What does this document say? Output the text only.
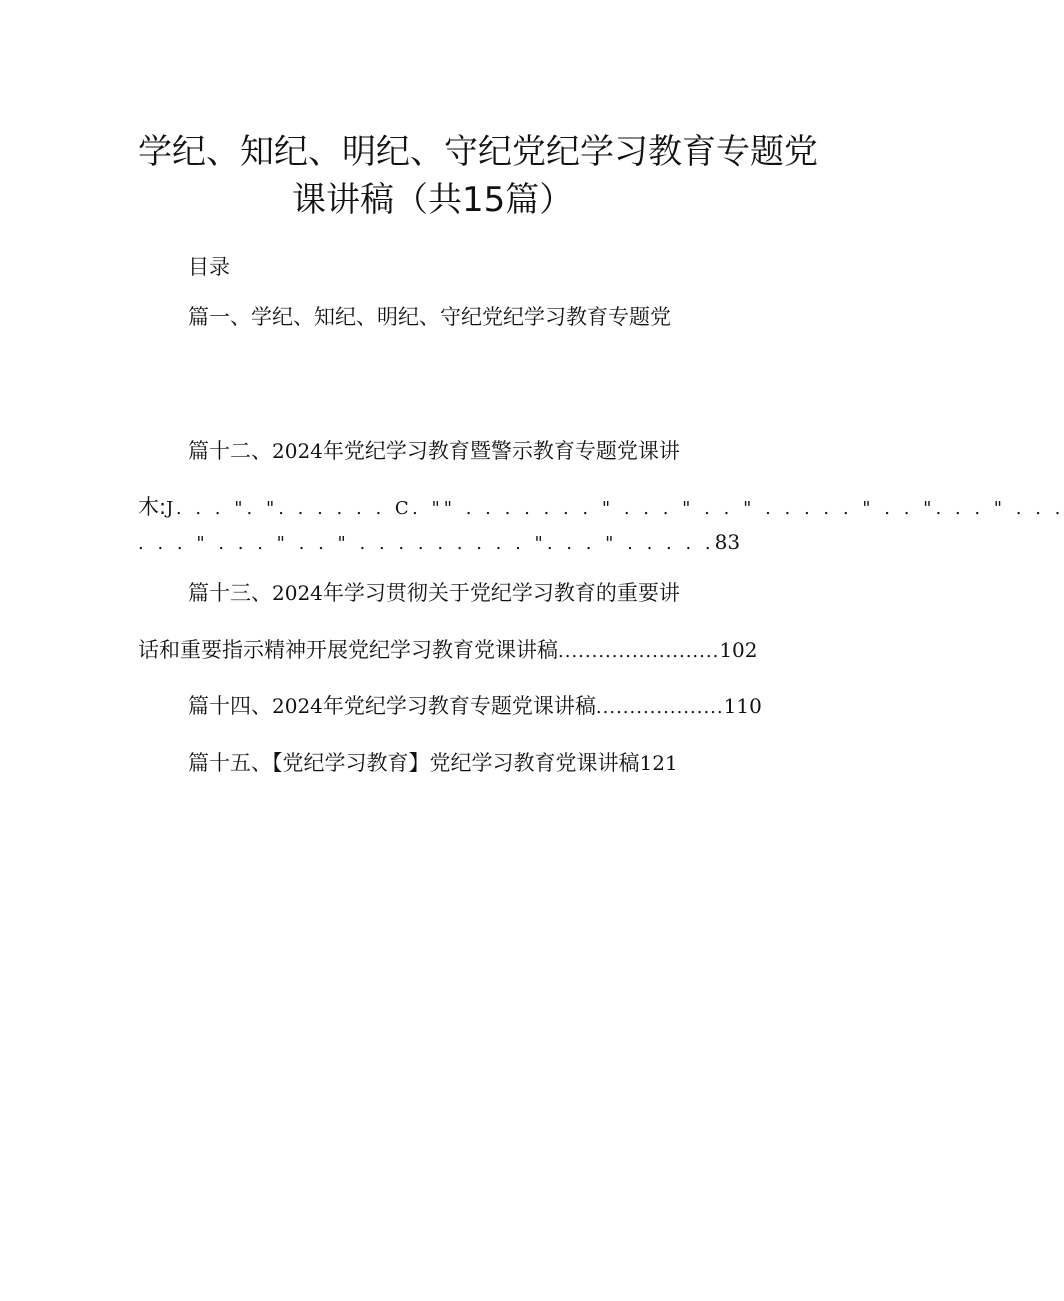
学纪、知纪、明纪、守纪党纪学习教育专题党
课讲稿（共15篇）
目录
篇一、学纪、知纪、明纪、守纪党纪学习教育专题党
篇十二、2024年党纪学习教育暨警示教育专题党课讲
木:J. . . ". ". . . . . . C. "" . . . . . . . " . . . " . . " . . . . . " . . ". . . " . . .
. . . " . . . " . . " . . . . . . . . . ". . . " . . . . .83
篇十三、2024年学习贯彻关于党纪学习教育的重要讲
话和重要指示精神开展党纪学习教育党课讲稿........................102
篇十四、2024年党纪学习教育专题党课讲稿...................110
篇十五、【党纪学习教育】党纪学习教育党课讲稿121
